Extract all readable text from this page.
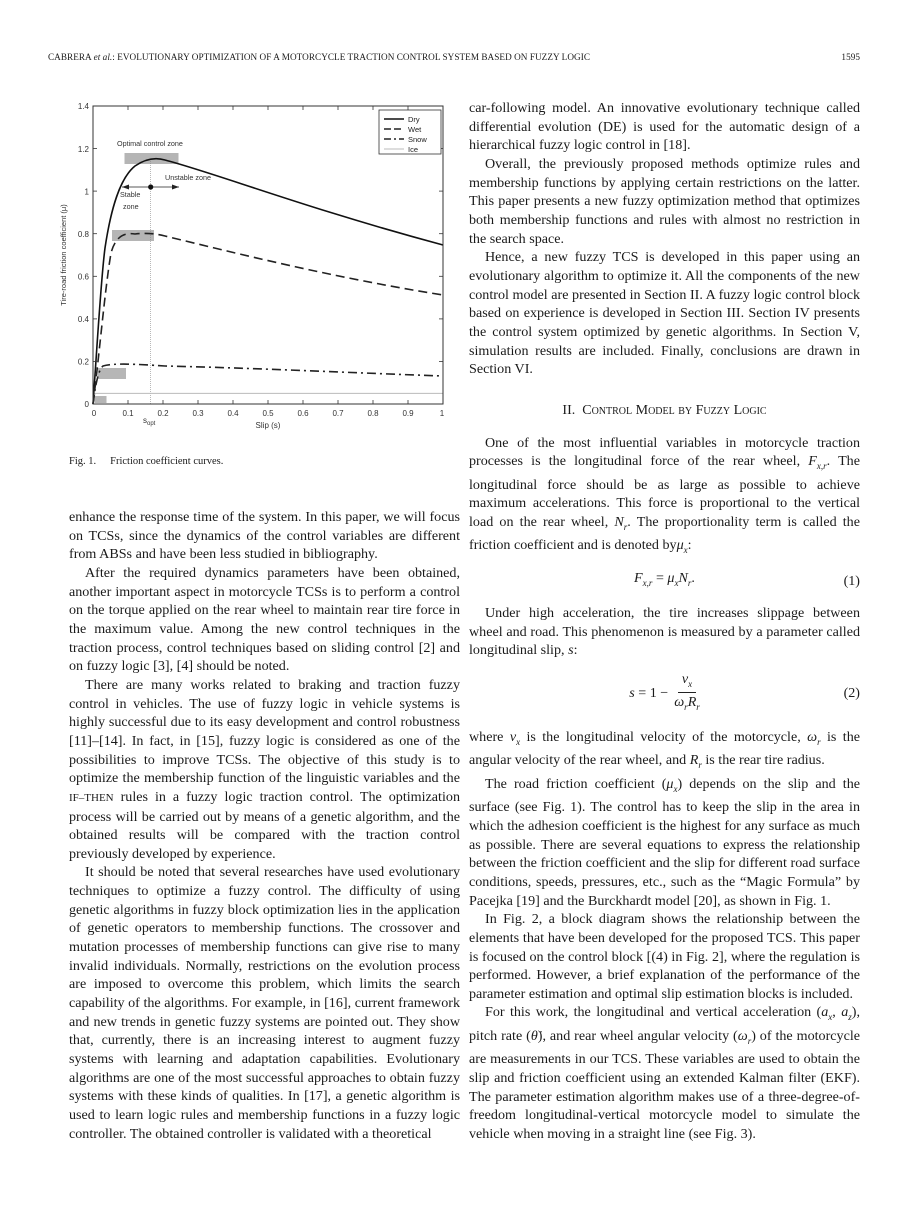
CABRERA et al.: EVOLUTIONARY OPTIMIZATION OF A MOTORCYCLE TRACTION CONTROL SYSTEM BASED ON FUZZY LOGIC	1595
0
0.2
0.4
0.6
0.8
1
1.2
1.4
0	0.1	0.2	0.3	0.4	0.5	0.6	0.7	0.8	0.9	1
$s_{opt}$	Slip (s)
Tire-road friction coefficient (μ)
Optimal control zone
Unstable zone
Stable
zone
Dry
Wet
Snow
Ice
Fig. 1. Friction coefficient curves.

enhance the response time of the system. In this paper, we will focus on TCSs, since the dynamics of the control variables are different from ABSs and have been less studied in bibliography.

After the required dynamics parameters have been obtained, another important aspect in motorcycle TCSs is to perform a control on the torque applied on the rear wheel to maintain rear tire force in the maximum value. Among the new control techniques in the traction process, control techniques based on sliding control [2] and on fuzzy logic [3], [4] should be noted.

There are many works related to braking and traction fuzzy control in vehicles. The use of fuzzy logic in vehicle systems is highly successful due to its easy development and control robustness [11]–[14]. In fact, in [15], fuzzy logic is considered as one of the possibilities to improve TCSs. The objective of this study is to optimize the membership function of the linguistic variables and the IF–THEN rules in a fuzzy logic traction control. The optimization process will be carried out by means of a genetic algorithm, and the obtained results will be compared with the traction control previously developed by experience.

It should be noted that several researches have used evolutionary techniques to optimize a fuzzy control. The difficulty of using genetic algorithms in fuzzy block optimization lies in the application of genetic operators to membership functions. The crossover and mutation processes of membership functions can give rise to many invalid individuals. Normally, restrictions on the evolution process are imposed to overcome this problem, which limits the search capability of the algorithms. For example, in [16], current framework and new trends in genetic fuzzy systems are pointed out. They show that, currently, there is an increasing interest to augment fuzzy systems with learning and adaptation capabilities. Evolutionary algorithms are one of the most successful approaches to obtain fuzzy systems with these kinds of qualities. In [17], a genetic algorithm is used to learn logic rules and membership functions in a fuzzy logic controller. The obtained controller is validated with a theoretical

car-following model. An innovative evolutionary technique called differential evolution (DE) is used for the automatic design of a hierarchical fuzzy logic control in [18].

Overall, the previously proposed methods optimize rules and membership functions by applying certain restrictions on the latter. This paper presents a new fuzzy optimization method that optimizes both membership functions and rules with almost no restriction in the search space.

Hence, a new fuzzy TCS is developed in this paper using an evolutionary algorithm to optimize it. All the components of the new control model are presented in Section II. A fuzzy logic control block based on experience is developed in Section III. Section IV presents the control system optimized by genetic algorithms. In Section V, simulation results are included. Finally, conclusions are drawn in Section VI.

II. Control Model by Fuzzy Logic

One of the most influential variables in motorcycle traction processes is the longitudinal force of the rear wheel, $F_{x,r}$. The longitudinal force should be as large as possible to achieve maximum accelerations. This force is proportional to the vertical load on the rear wheel, $N_r$. The proportionality term is called the friction coefficient and is denoted byμ$_x$:

$F_{x,r} = \mu_xN_r$.	(1)

Under high acceleration, the tire increases slippage between wheel and road. This phenomenon is measured by a parameter called longitudinal slip, s:

$s = 1 - \frac{v_x}{\omega_rR_r}$	(2)

where $v_x$ is the longitudinal velocity of the motorcycle, $\omega_r$ is the angular velocity of the rear wheel, and $R_r$ is the rear tire radius.

The road friction coefficient $(\mu_x)$ depends on the slip and the surface (see Fig. 1). The control has to keep the slip in the area in which the adhesion coefficient is the highest for any surface as much as possible. There are several equations to express the relationship between the friction coefficient and the slip for different road surface conditions, speeds, pressures, etc., such as the “Magic Formula” by Pacejka [19] and the Burckhardt model [20], as shown in Fig. 1.

In Fig. 2, a block diagram shows the relationship between the elements that have been developed for the proposed TCS. This paper is focused on the control block [(4) in Fig. 2], where the regulation is performed. However, a brief explanation of the performance of the parameter estimation and optimal slip estimation blocks is included.

For this work, the longitudinal and vertical acceleration ($a_x$, $a_z$), pitch rate (θ̇), and rear wheel angular velocity $(\omega_r)$ of the motorcycle are measurements in our TCS. These variables are used to obtain the slip and friction coefficient using an extended Kalman filter (EKF). The parameter estimation algorithm makes use of a three-degree-of-freedom longitudinal-vertical motorcycle model to simulate the vehicle when moving in a straight line (see Fig. 3).
